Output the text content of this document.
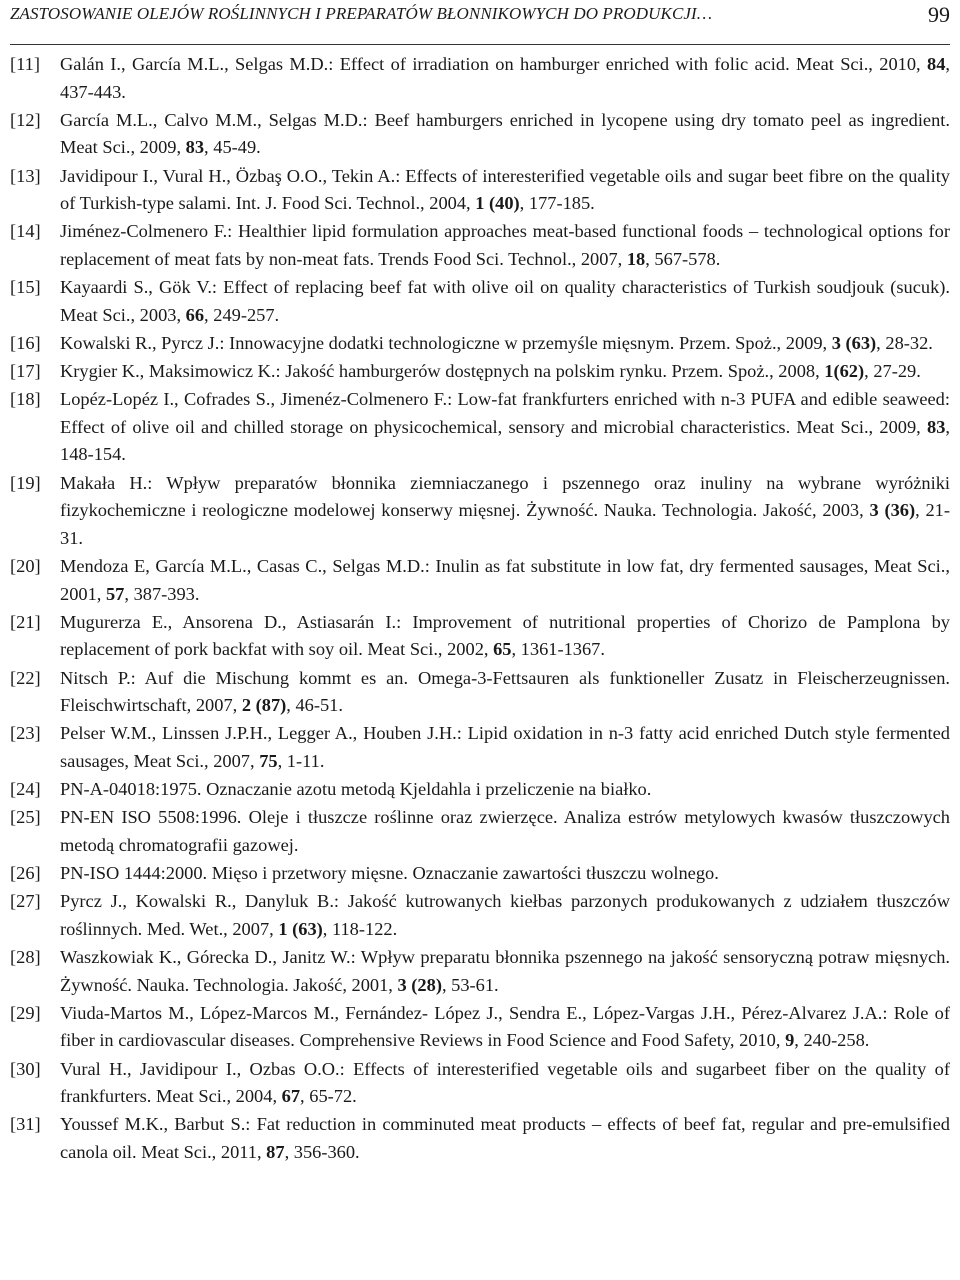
ZASTOSOWANIE OLEJÓW ROŚLINNYCH I PREPARATÓW BŁONNIKOWYCH DO PRODUKCJI…	99
[11]	Galán I., García M.L., Selgas M.D.: Effect of irradiation on hamburger enriched with folic acid. Meat Sci., 2010, 84, 437-443.
[12]	García M.L., Calvo M.M., Selgas M.D.: Beef hamburgers enriched in lycopene using dry tomato peel as ingredient. Meat Sci., 2009, 83, 45-49.
[13]	Javidipour I., Vural H., Özbaş O.O., Tekin A.: Effects of interesterified vegetable oils and sugar beet fibre on the quality of Turkish-type salami. Int. J. Food Sci. Technol., 2004, 1 (40), 177-185.
[14]	Jiménez-Colmenero F.: Healthier lipid formulation approaches meat-based functional foods – technological options for replacement of meat fats by non-meat fats. Trends Food Sci. Technol., 2007, 18, 567-578.
[15]	Kayaardi S., Gök V.: Effect of replacing beef fat with olive oil on quality characteristics of Turkish soudjouk (sucuk). Meat Sci., 2003, 66, 249-257.
[16]	Kowalski R., Pyrcz J.: Innowacyjne dodatki technologiczne w przemyśle mięsnym. Przem. Spoż., 2009, 3 (63), 28-32.
[17]	Krygier K., Maksimowicz K.: Jakość hamburgerów dostępnych na polskim rynku. Przem. Spoż., 2008, 1(62), 27-29.
[18]	Lopéz-Lopéz I., Cofrades S., Jimenéz-Colmenero F.: Low-fat frankfurters enriched with n-3 PUFA and edible seaweed: Effect of olive oil and chilled storage on physicochemical, sensory and microbial characteristics. Meat Sci., 2009, 83, 148-154.
[19]	Makała H.: Wpływ preparatów błonnika ziemniaczanego i pszennego oraz inuliny na wybrane wyróżniki fizykochemiczne i reologiczne modelowej konserwy mięsnej. Żywność. Nauka. Technologia. Jakość, 2003, 3 (36), 21-31.
[20]	Mendoza E, García M.L., Casas C., Selgas M.D.: Inulin as fat substitute in low fat, dry fermented sausages, Meat Sci., 2001, 57, 387-393.
[21]	Mugurerza E., Ansorena D., Astiasarán I.: Improvement of nutritional properties of Chorizo de Pamplona by replacement of pork backfat with soy oil. Meat Sci., 2002, 65, 1361-1367.
[22]	Nitsch P.: Auf die Mischung kommt es an. Omega-3-Fettsauren als funktioneller Zusatz in Fleischerzeugnissen. Fleischwirtschaft, 2007, 2 (87), 46-51.
[23]	Pelser W.M., Linssen J.P.H., Legger A., Houben J.H.: Lipid oxidation in n-3 fatty acid enriched Dutch style fermented sausages, Meat Sci., 2007, 75, 1-11.
[24]	PN-A-04018:1975. Oznaczanie azotu metodą Kjeldahla i przeliczenie na białko.
[25]	PN-EN ISO 5508:1996. Oleje i tłuszcze roślinne oraz zwierzęce. Analiza estrów metylowych kwasów tłuszczowych metodą chromatografii gazowej.
[26]	PN-ISO 1444:2000. Mięso i przetwory mięsne. Oznaczanie zawartości tłuszczu wolnego.
[27]	Pyrcz J., Kowalski R., Danyluk B.: Jakość kutrowanych kiełbas parzonych produkowanych z udziałem tłuszczów roślinnych. Med. Wet., 2007, 1 (63), 118-122.
[28]	Waszkowiak K., Górecka D., Janitz W.: Wpływ preparatu błonnika pszennego na jakość sensoryczną potraw mięsnych. Żywność. Nauka. Technologia. Jakość, 2001, 3 (28), 53-61.
[29]	Viuda-Martos M., López-Marcos M., Fernández- López J., Sendra E., López-Vargas J.H., Pérez-Alvarez J.A.: Role of fiber in cardiovascular diseases. Comprehensive Reviews in Food Science and Food Safety, 2010, 9, 240-258.
[30]	Vural H., Javidipour I., Ozbas O.O.: Effects of interesterified vegetable oils and sugarbeet fiber on the quality of frankfurters. Meat Sci., 2004, 67, 65-72.
[31]	Youssef M.K., Barbut S.: Fat reduction in comminuted meat products – effects of beef fat, regular and pre-emulsified canola oil. Meat Sci., 2011, 87, 356-360.
